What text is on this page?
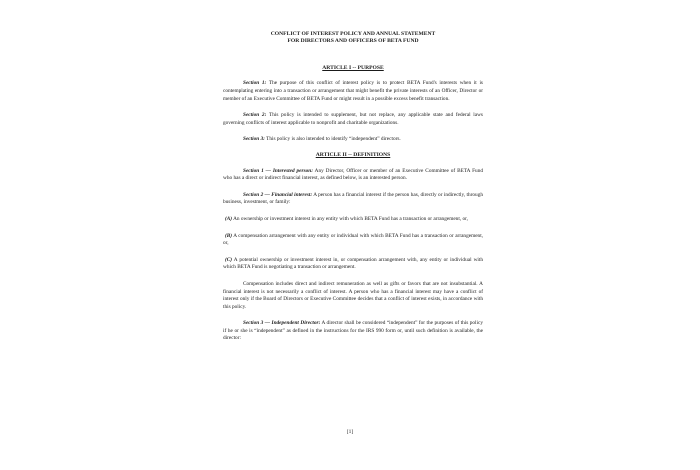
CONFLICT OF INTEREST POLICY AND ANNUAL STATEMENT
FOR DIRECTORS AND OFFICERS OF BETA FUND
ARTICLE I -- PURPOSE

Section 1: The purpose of this conflict of interest policy is to protect BETA Fund's interests when it is contemplating entering into a transaction or arrangement that might benefit the private interests of an Officer, Director or member of an Executive Committee of BETA Fund or might result in a possible excess benefit transaction.

Section 2: This policy is intended to supplement, but not replace, any applicable state and federal laws governing conflicts of interest applicable to nonprofit and charitable organizations.

Section 3: This policy is also intended to identify “independent” directors.

ARTICLE II -- DEFINITIONS

Section 1 — Interested person: Any Director, Officer or member of an Executive Committee of BETA Fund who has a direct or indirect financial interest, as defined below, is an interested person.

Section 2 — Financial interest: A person has a financial interest if the person has, directly or indirectly, through business, investment, or family:

(A) An ownership or investment interest in any entity with which BETA Fund has a transaction or arrangement, or,

(B) A compensation arrangement with any entity or individual with which BETA Fund has a transaction or arrangement, or,

(C) A potential ownership or investment interest in, or compensation arrangement with, any entity or individual with which BETA Fund is negotiating a transaction or arrangement.

Compensation includes direct and indirect remuneration as well as gifts or favors that are not insubstantial. A financial interest is not necessarily a conflict of interest. A person who has a financial interest may have a conflict of interest only if the Board of Directors or Executive Committee decides that a conflict of interest exists, in accordance with this policy.

Section 3 — Independent Director: A director shall be considered “independent” for the purposes of this policy if he or she is “independent” as defined in the instructions for the IRS 990 form or, until such definition is available, the director:

[1]
